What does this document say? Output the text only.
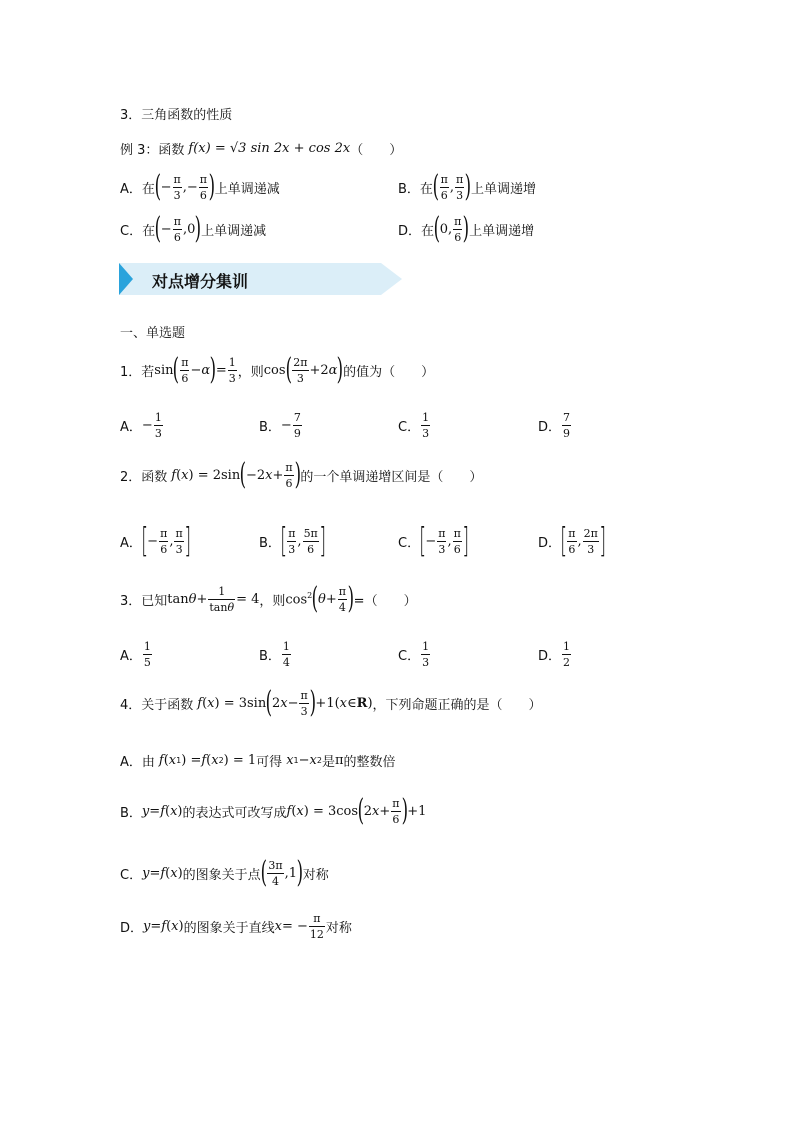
3．三角函数的性质
例 3：函数 f(x) = √3 sin 2x + cos 2x （　　）
A．在 ( − $\frac{\pi}{3}$ ,− $\frac{\pi}{6}$ ) 上单调递减	B．在 ( $\frac{\pi}{6}$ , $\frac{\pi}{3}$ ) 上单调递增
C．在 ( − $\frac{\pi}{6} ,0$ ) 上单调递减	D．在 ( 0, $\frac{\pi}{6}$ ) 上单调递增
对点增分集训
一、单选题
1．若 sin ( $\frac{\pi}{6} - \alpha$ ) = $\frac{1}{3}$ ，则 cos ( $\frac{2\pi}{3} +2$ α ) 的值为（　　）
A． − $\frac{1}{3}$	B． − $\frac{7}{9}$	C． $\frac{1}{3}$	D． $\frac{7}{9}$
2．函数 f ( x ) = 2sin ( −2 $x + \frac{\pi}{6}$ ) 的一个单调递增区间是（　　）
A． [ − $\frac{\pi}{6}$ , $\frac{\pi}{3}$ ]	B． [ $\frac{\pi}{3}$ , $\frac{5\pi}{6}$ ]	C． [ − $\frac{\pi}{3}$ , $\frac{\pi}{6}$ ]	D． [ $\frac{\pi}{6}$ , $\frac{2\pi}{3}$ ]
3．已知 $\tan \theta + \frac{1}{\tan\theta} = 4$ ，则 $\cos^2$ ( $\theta + \frac{\pi}{4}$ ) =（　　）
A． $\frac{1}{5}$	B． $\frac{1}{4}$	C． $\frac{1}{3}$	D． $\frac{1}{2}$
4．关于函数 f ( x ) = 3sin ( 2 $x - \frac{\pi}{3}$ ) +1( x ∈ R ) ，下列命题正确的是（　　）
A．由 f ( x 1 ) = f ( x 2 ) = 1 可得 x 1 − x 2 是 π 的整数倍
B． y = f ( x ) 的表达式可改写成 f ( x ) = 3cos ( 2 $x + \frac{\pi}{6}$ ) +1
C． y = f ( x ) 的图象关于点 ( $\frac{3\pi}{4} ,1$ ) 对称
D． y = f ( x ) 的图象关于直线 x = − $\frac{\pi}{12}$ 对称
